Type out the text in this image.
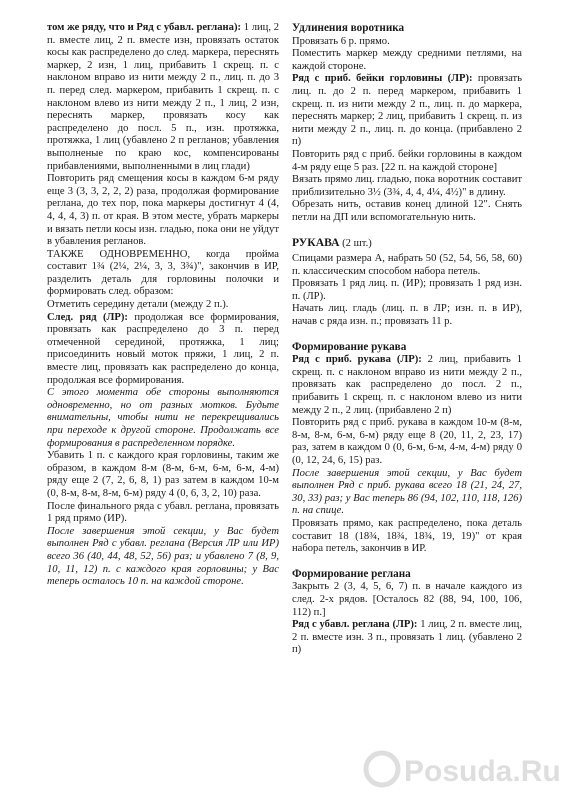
том же ряду, что и Ряд с убавл. реглана): 1 лиц, 2 п. вместе лиц, 2 п. вместе изн, провязать остаток косы как распределено до след. маркера, переснять маркер, 2 изн, 1 лиц, прибавить 1 скрещ. п. с наклоном вправо из нити между 2 п., лиц. п. до 3 п. перед след. маркером, прибавить 1 скрещ. п. с наклоном влево из нити между 2 п., 1 лиц, 2 изн, переснять маркер, провязать косу как распределено до посл. 5 п., изн. протяжка, протяжка, 1 лиц (убавлено 2 п регланов; убавления выполненые по краю кос, компенсированы прибавлениями, выполненными в лиц глади)

Повторить ряд смещения косы в каждом 6-м ряду еще 3 (3, 3, 2, 2, 2) раза, продолжая формирование реглана, до тех пор, пока маркеры достигнут 4 (4, 4, 4, 4, 3) п. от края. В этом месте, убрать маркеры и вязать петли косы изн. гладью, пока они не уйдут в убавления регланов.

ТАКЖЕ ОДНОВРЕМЕННО, когда пройма составит 1¾ (2¼, 2¼, 3, 3, 3¾)", закончив в ИР, разделить деталь для горловины полочки и формировать след. образом:

Отметить середину детали (между 2 п.).

След. ряд (ЛР): продолжая все формирования, провязать как распределено до 3 п. перед отмеченной серединой, протяжка, 1 лиц; присоединить новый моток пряжи, 1 лиц, 2 п. вместе лиц, провязать как распределено до конца, продолжая все формирования.

С этого момента обе стороны выполняются одновременно, но от разных мотков. Будьте внимательны, чтобы нити не перекрещивались при переходе к другой стороне. Продолжать все формирования в распределенном порядке.

Убавить 1 п. с каждого края горловины, таким же образом, в каждом 8-м (8-м, 6-м, 6-м, 6-м, 4-м) ряду еще 2 (7, 2, 6, 8, 1) раз затем в каждом 10-м (0, 8-м, 8-м, 8-м, 6-м) ряду 4 (0, 6, 3, 2, 10) раза.

После финального ряда с убавл. реглана, провязать 1 ряд прямо (ИР).

После завершения этой секции, у Вас будет выполнен Ряд с убавл. реглана (Версия ЛР или ИР) всего 36 (40, 44, 48, 52, 56) раз; и убавлено 7 (8, 9, 10, 11, 12) п. с каждого края горловины; у Вас теперь осталось 10 п. на каждой стороне.

Удлинения воротника

Провязать 6 р. прямо.

Поместить маркер между средними петлями, на каждой стороне.

Ряд с приб. бейки горловины (ЛР): провязать лиц. п. до 2 п. перед маркером, прибавить 1 скрещ. п. из нити между 2 п., лиц. п. до маркера, переснять маркер; 2 лиц, прибавить 1 скрещ. п. из нити между 2 п., лиц. п. до конца. (прибавлено 2 п)

Повторить ряд с приб. бейки горловины в каждом 4-м ряду еще 5 раз. [22 п. на каждой стороне]

Вязать прямо лиц. гладью, пока воротник составит приблизительно 3½ (3¾, 4, 4, 4¼, 4½)" в длину.

Обрезать нить, оставив конец длиной 12". Снять петли на ДП или вспомогательную нить.

РУКАВА (2 шт.)

Спицами размера A, набрать 50 (52, 54, 56, 58, 60) п. классическим способом набора петель.

Провязать 1 ряд лиц. п. (ИР); провязать 1 ряд изн. п. (ЛР).

Начать лиц. гладь (лиц. п. в ЛР; изн. п. в ИР), начав с ряда изн. п.; провязать 11 р.

Формирование рукава

Ряд с приб. рукава (ЛР): 2 лиц, прибавить 1 скрещ. п. с наклоном вправо из нити между 2 п., провязать как распределено до посл. 2 п., прибавить 1 скрещ. п. с наклоном влево из нити между 2 п., 2 лиц. (прибавлено 2 п)

Повторить ряд с приб. рукава в каждом 10-м (8-м, 8-м, 8-м, 6-м, 6-м) ряду еще 8 (20, 11, 2, 23, 17) раз, затем в каждом 0 (0, 6-м, 6-м, 4-м, 4-м) ряду 0 (0, 12, 24, 6, 15) раз.

После завершения этой секции, у Вас будет выполнен Ряд с приб. рукава всего 18 (21, 24, 27, 30, 33) раз; у Вас теперь 86 (94, 102, 110, 118, 126) п. на спице.

Провязать прямо, как распределено, пока деталь составит 18 (18¾, 18¾, 18¾, 19, 19)" от края набора петель, закончив в ИР.

Формирование реглана

Закрыть 2 (3, 4, 5, 6, 7) п. в начале каждого из след. 2-х рядов. [Осталось 82 (88, 94, 100, 106, 112) п.]

Ряд с убавл. реглана (ЛР): 1 лиц, 2 п. вместе лиц, 2 п. вместе изн. 3 п., провязать 1 лиц. (убавлено 2 п)

Posuda.Ru
